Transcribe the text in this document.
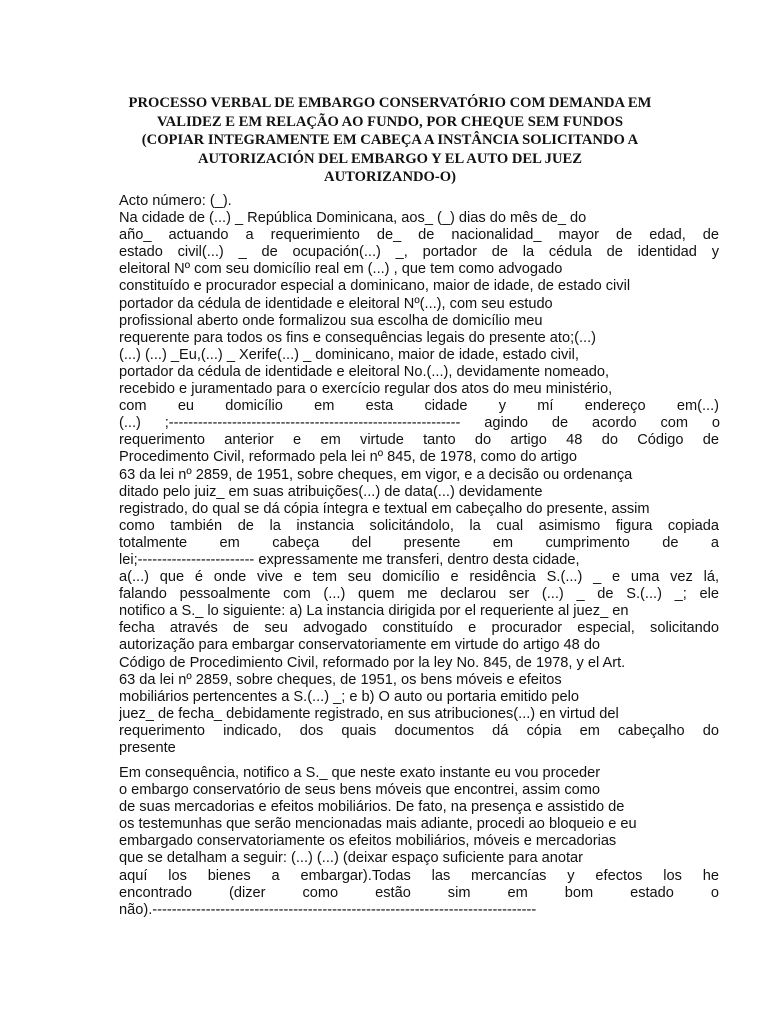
PROCESSO VERBAL DE EMBARGO CONSERVATÓRIO COM DEMANDA EM
VALIDEZ E EM RELAÇÃO AO FUNDO, POR CHEQUE SEM FUNDOS
(COPIAR INTEGRAMENTE EM CABEÇA A INSTÂNCIA SOLICITANDO A
AUTORIZACIÓN DEL EMBARGO Y EL AUTO DEL JUEZ
AUTORIZANDO-O)
Acto número: (_).
Na cidade de (...) _ República Dominicana, aos_ (_) dias do mês de_ do
año_ actuando a requerimiento de_ de nacionalidad_ mayor de edad, de
estado civil(...) _ de ocupación(...) _, portador de la cédula de identidad y
eleitoral Nº com seu domicílio real em (...) , que tem como advogado
constituído e procurador especial a dominicano, maior de idade, de estado civil
portador da cédula de identidade e eleitoral Nº(...), com seu estudo
profissional aberto onde formalizou sua escolha de domicílio meu
requerente para todos os fins e consequências legais do presente ato;(...)
(...) (...) _Eu,(...) _ Xerife(...) _ dominicano, maior de idade, estado civil,
portador da cédula de identidade e eleitoral No.(...), devidamente nomeado,
recebido e juramentado para o exercício regular dos atos do meu ministério,
com eu domicílio em esta cidade y mí endereço em(...)
(...) ;------------------------------------------------------------ agindo de acordo com o
requerimento anterior e em virtude tanto do artigo 48 do Código de
Procedimento Civil, reformado pela lei nº 845, de 1978, como do artigo
63 da lei nº 2859, de 1951, sobre cheques, em vigor, e a decisão ou ordenança
ditado pelo juiz_ em suas atribuições(...) de data(...) devidamente
registrado, do qual se dá cópia íntegra e textual em cabeçalho do presente, assim
como también de la instancia solicitándolo, la cual asimismo figura copiada
totalmente em cabeça del presente em cumprimento de a
lei;------------------------ expressamente me transferi, dentro desta cidade,
a(...) que é onde vive e tem seu domicílio e residência S.(...) _ e uma vez lá,
falando pessoalmente com (...) quem me declarou ser (...) _ de S.(...) _; ele
notifico a S._ lo siguiente: a) La instancia dirigida por el requeriente al juez_ en
fecha através de seu advogado constituído e procurador especial, solicitando
autorização para embargar conservatoriamente em virtude do artigo 48 do
Código de Procedimiento Civil, reformado por la ley No. 845, de 1978, y el Art.
63 da lei nº 2859, sobre cheques, de 1951, os bens móveis e efeitos
mobiliários pertencentes a S.(...) _; e b) O auto ou portaria emitido pelo
juez_ de fecha_ debidamente registrado, en sus atribuciones(...) en virtud del
requerimento indicado, dos quais documentos dá cópia em cabeçalho do
presente
Em consequência, notifico a S._ que neste exato instante eu vou proceder
o embargo conservatório de seus bens móveis que encontrei, assim como
de suas mercadorias e efeitos mobiliários. De fato, na presença e assistido de
os testemunhas que serão mencionadas mais adiante, procedi ao bloqueio e eu
embargado conservatoriamente os efeitos mobiliários, móveis e mercadorias
que se detalham a seguir: (...) (...) (deixar espaço suficiente para anotar
aquí los bienes a embargar).Todas las mercancías y efectos los he
encontrado (dizer como estão sim em bom estado o
não).-------------------------------------------------------------------------------
